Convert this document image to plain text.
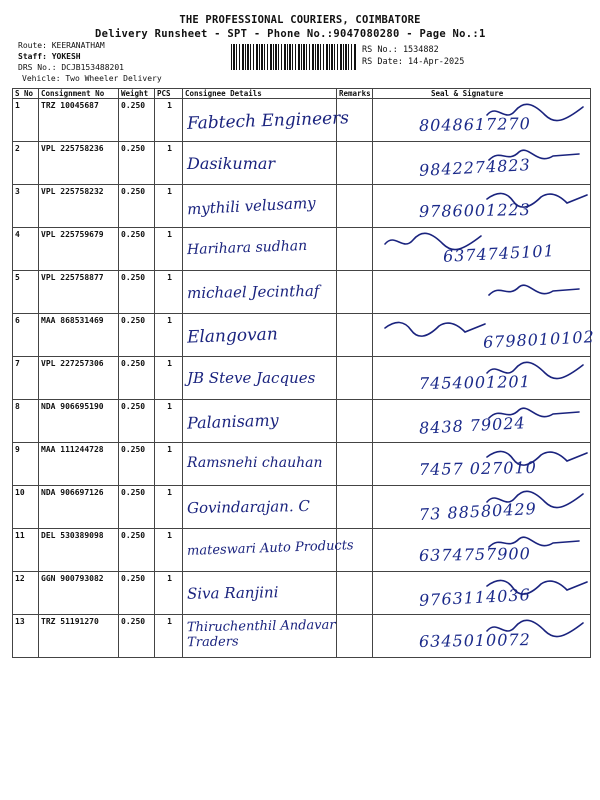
THE PROFESSIONAL COURIERS, COIMBATORE
Delivery Runsheet - SPT - Phone No.:9047080280 - Page No.:1
Route: KEERANATHAM
Staff: YOKESH
DRS No.: DCJB153488201
Vehicle: Two Wheeler Delivery
RS No.: 1534882
RS Date: 14-Apr-2025
S No	Consignment No	Weight	PCS	Consignee Details	Remarks	Seal & Signature
1	TRZ 10045687	0.250	1	Fabtech Engineers		8048617270

2	VPL 225758236	0.250	1	Dasikumar		9842274823

3	VPL 225758232	0.250	1	mythili velusamy		9786001223

4	VPL 225759679	0.250	1	Harihara sudhan		6374745101

5	VPL 225758877	0.250	1	michael Jecinthaf

6	MAA 868531469	0.250	1	Elangovan		6798010102

7	VPL 227257306	0.250	1	JB Steve Jacques		7454001201

8	NDA 906695190	0.250	1	Palanisamy		8438 79024

9	MAA 111244728	0.250	1	Ramsnehi chauhan		7457 027010

10	NDA 906697126	0.250	1	Govindarajan. C		73 88580429

11	DEL 530389098	0.250	1	mateswari Auto Products		6374757900

12	GGN 900793082	0.250	1	Siva Ranjini		9763114036

13	TRZ 51191270	0.250	1	Thiruchenthil Andavar Traders		6345010072
